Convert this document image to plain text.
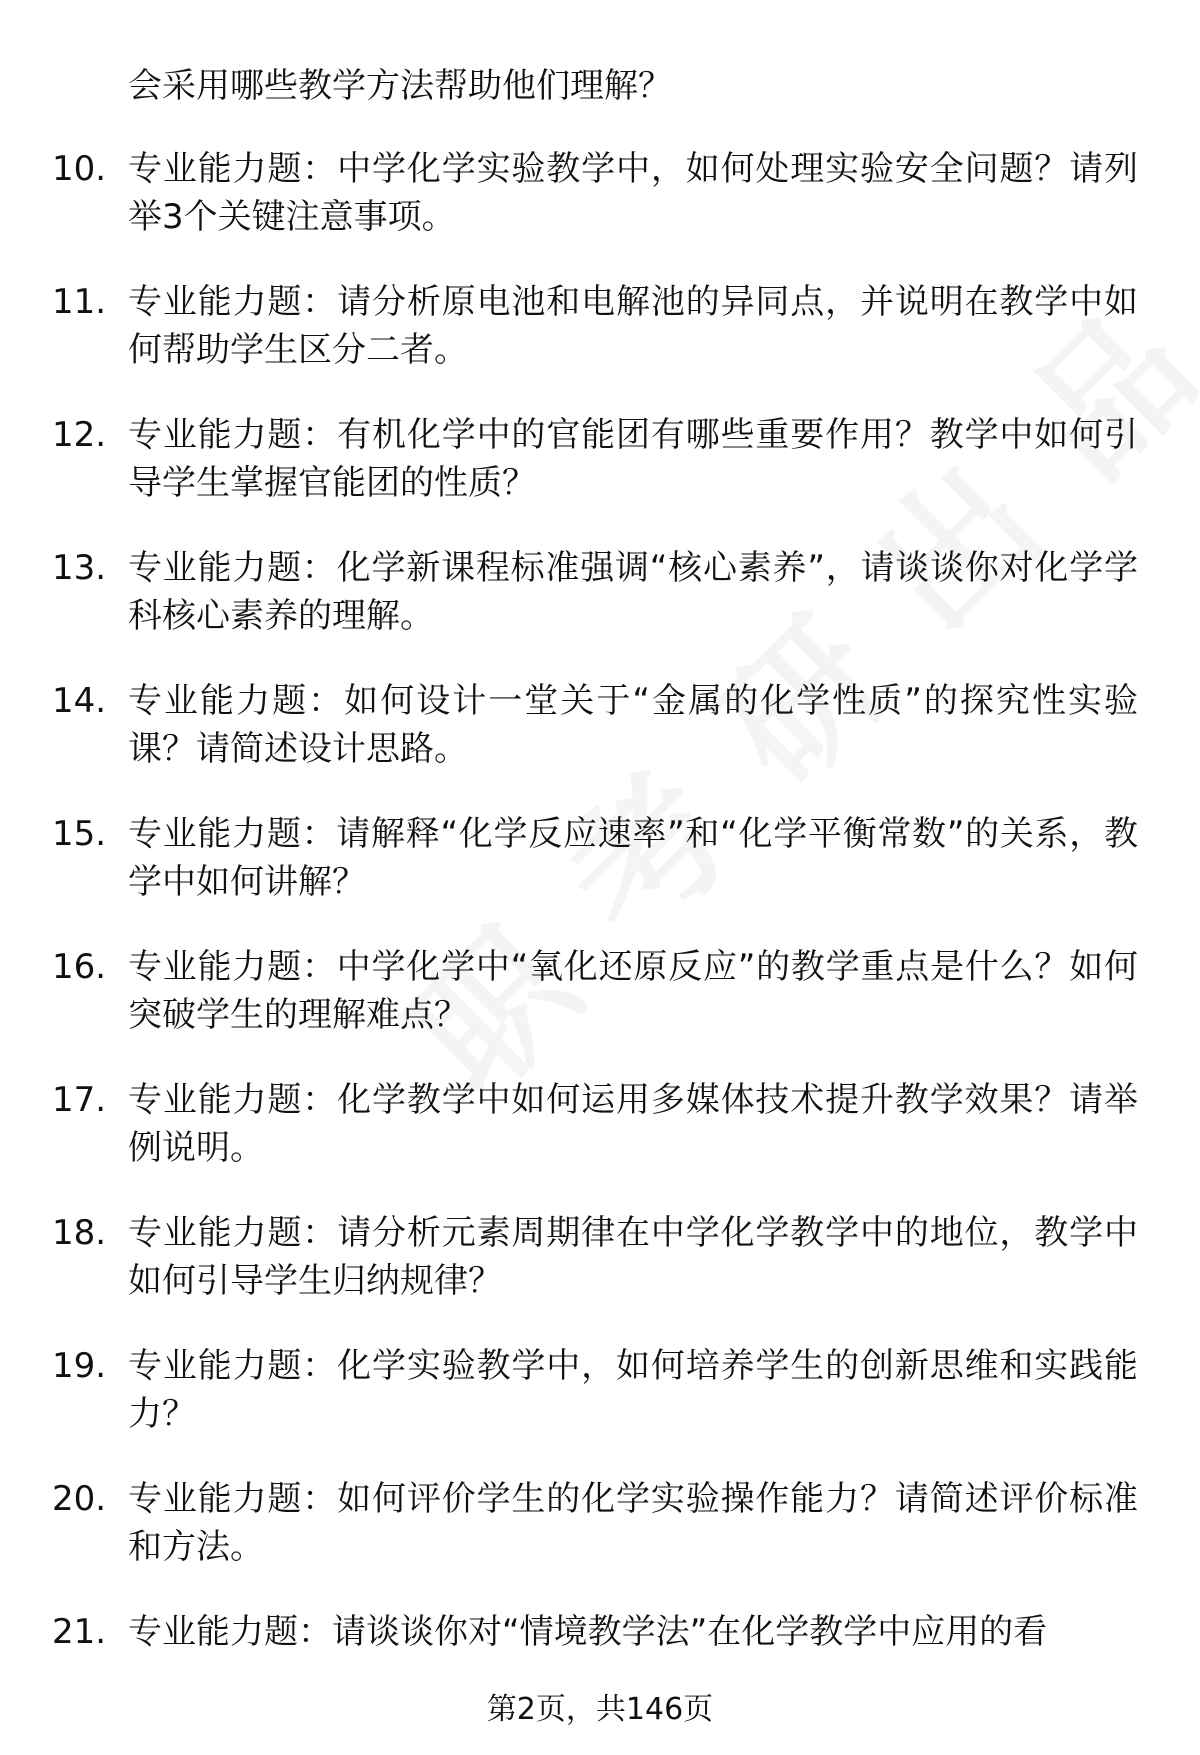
会采用哪些教学方法帮助他们理解？
10. 专业能力题：中学化学实验教学中，如何处理实验安全问题？请列举3个关键注意事项。
11. 专业能力题：请分析原电池和电解池的异同点，并说明在教学中如何帮助学生区分二者。
12. 专业能力题：有机化学中的官能团有哪些重要作用？教学中如何引导学生掌握官能团的性质？
13. 专业能力题：化学新课程标准强调“核心素养”，请谈谈你对化学学科核心素养的理解。
14. 专业能力题：如何设计一堂关于“金属的化学性质”的探究性实验课？请简述设计思路。
15. 专业能力题：请解释“化学反应速率”和“化学平衡常数”的关系，教学中如何讲解？
16. 专业能力题：中学化学中“氧化还原反应”的教学重点是什么？如何突破学生的理解难点？
17. 专业能力题：化学教学中如何运用多媒体技术提升教学效果？请举例说明。
18. 专业能力题：请分析元素周期律在中学化学教学中的地位，教学中如何引导学生归纳规律？
19. 专业能力题：化学实验教学中，如何培养学生的创新思维和实践能力？
20. 专业能力题：如何评价学生的化学实验操作能力？请简述评价标准和方法。
21. 专业能力题：请谈谈你对“情境教学法”在化学教学中应用的看
第2页，共146页
